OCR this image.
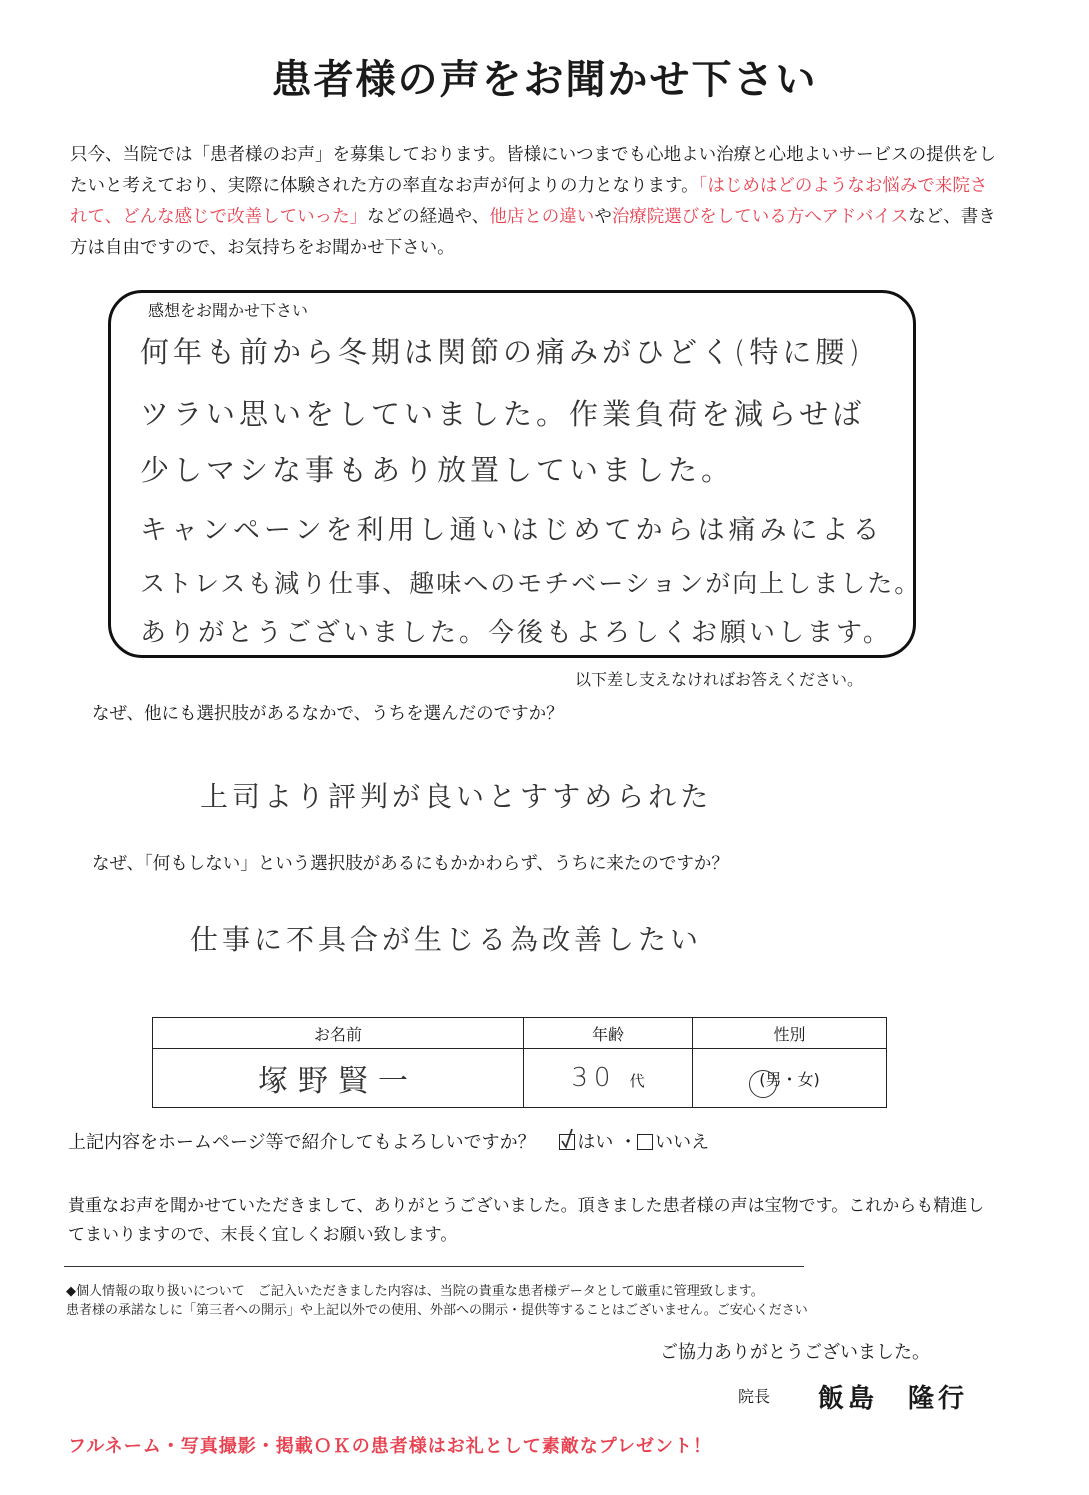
患者様の声をお聞かせ下さい
只今、当院では「患者様のお声」を募集しております。皆様にいつまでも心地よい治療と心地よいサービスの提供をしたいと考えており、実際に体験された方の率直なお声が何よりの力となります。「はじめはどのようなお悩みで来院されて、どんな感じで改善していった」などの経過や、他店との違いや治療院選びをしている方へアドバイスなど、書き方は自由ですので、お気持ちをお聞かせ下さい。
感想をお聞かせ下さい
何年も前から冬期は関節の痛みがひどく(特に腰)
ツラい思いをしていました。作業負荷を減らせば
少しマシな事もあり放置していました。
キャンペーンを利用し通いはじめてからは痛みによる
ストレスも減り仕事、趣味へのモチベーションが向上しました。
ありがとうございました。今後もよろしくお願いします。
以下差し支えなければお答えください。
なぜ、他にも選択肢があるなかで、うちを選んだのですか？
上司より評判が良いとすすめられた
なぜ、「何もしない」という選択肢があるにもかかわらず、うちに来たのですか？
仕事に不具合が生じる為改善したい
お名前	年齢	性別
塚野賢一	30 代	(男・女)
上記内容をホームページ等で紹介してもよろしいですか？ はい ・ いいえ
貴重なお声を聞かせていただきまして、ありがとうございました。頂きました患者様の声は宝物です。これからも精進してまいりますので、末長く宜しくお願い致します。
◆個人情報の取り扱いについて　ご記入いただきました内容は、当院の貴重な患者様データとして厳重に管理致します。
患者様の承諾なしに「第三者への開示」や上記以外での使用、外部への開示・提供等することはございません。ご安心ください
ご協力ありがとうございました。
院長 飯島　隆行
フルネーム・写真撮影・掲載ＯＫの患者様はお礼として素敵なプレゼント！
